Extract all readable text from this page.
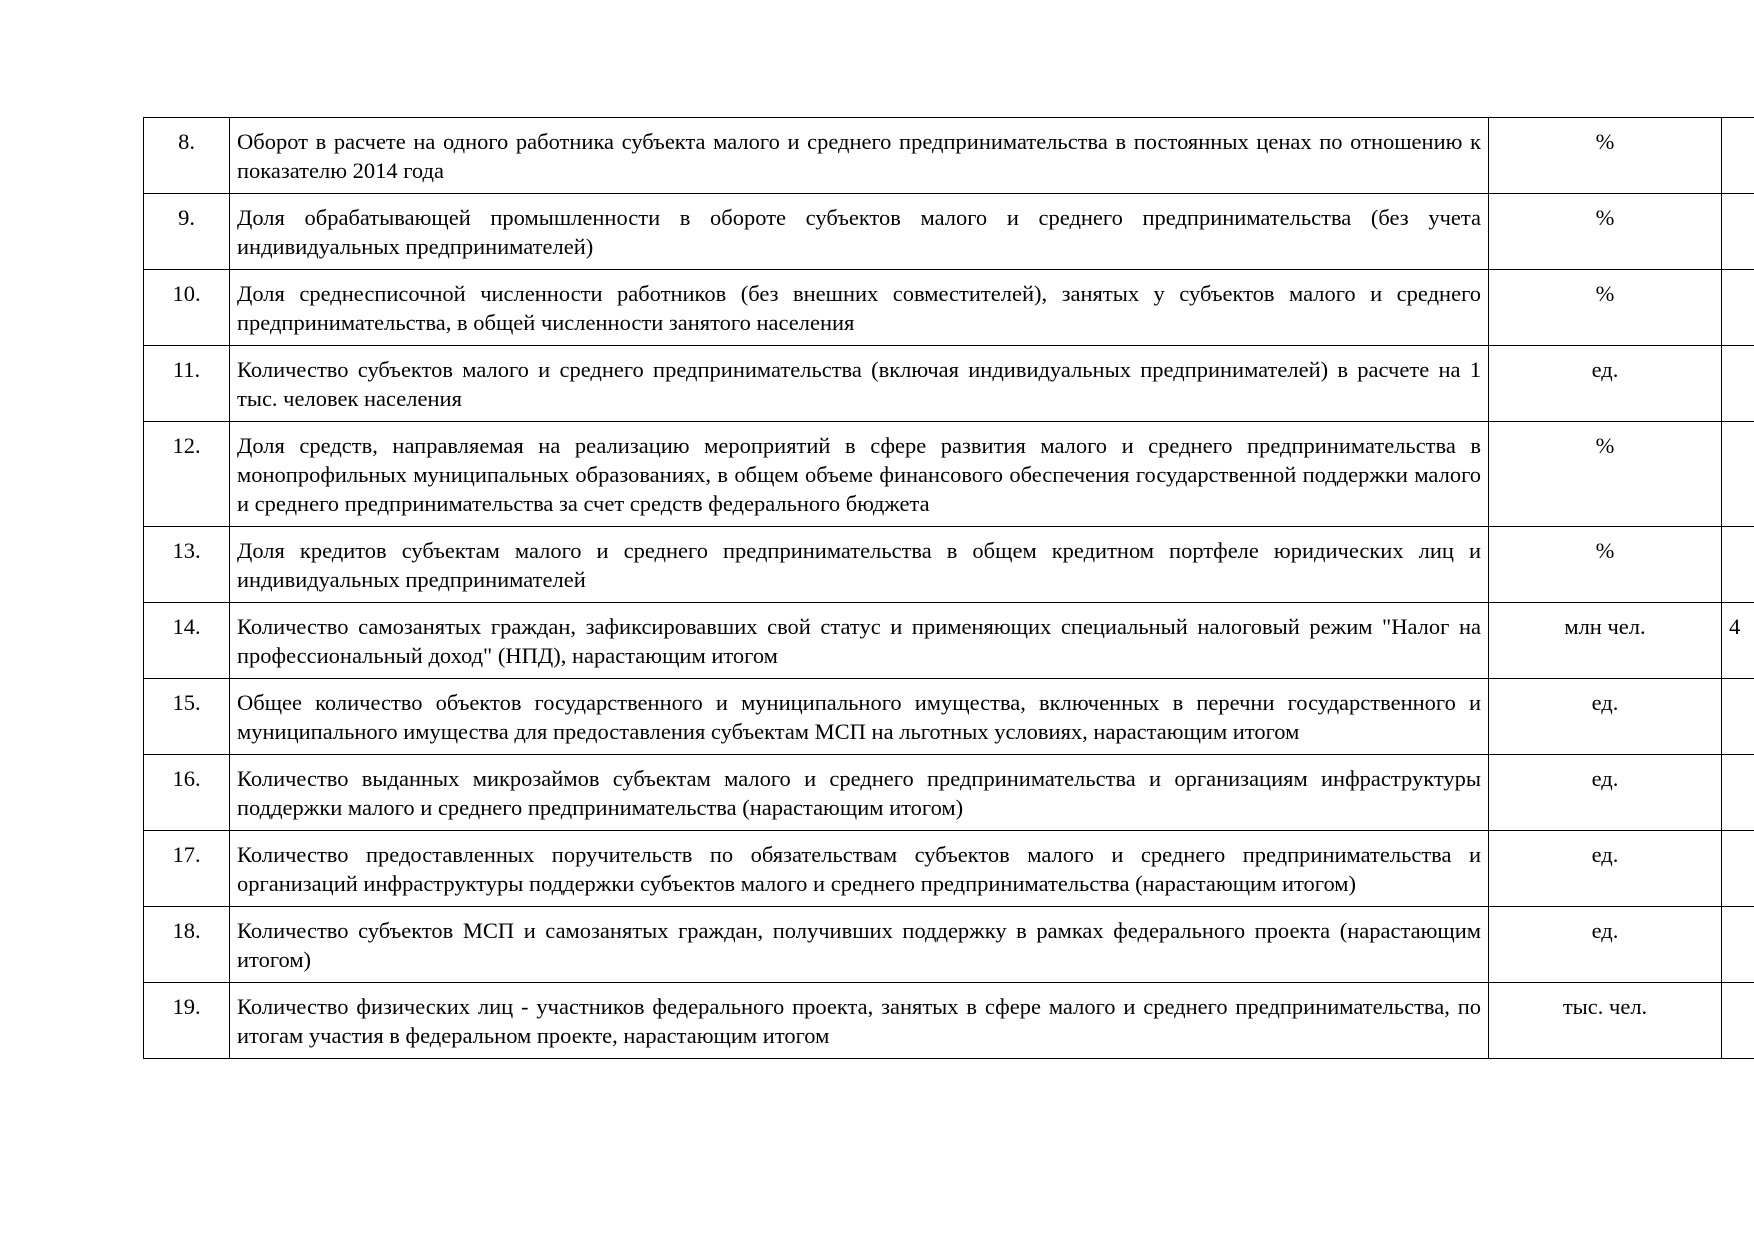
8.	Оборот в расчете на одного работника субъекта малого и среднего предпринимательства в постоянных ценах по отношению к показателю 2014 года	%	
9.	Доля обрабатывающей промышленности в обороте субъектов малого и среднего предпринимательства (без учета индивидуальных предпринимателей)	%	
10.	Доля среднесписочной численности работников (без внешних совместителей), занятых у субъектов малого и среднего предпринимательства, в общей численности занятого населения	%	
11.	Количество субъектов малого и среднего предпринимательства (включая индивидуальных предпринимателей) в расчете на 1 тыс. человек населения	ед.	
12.	Доля средств, направляемая на реализацию мероприятий в сфере развития малого и среднего предпринимательства в монопрофильных муниципальных образованиях, в общем объеме финансового обеспечения государственной поддержки малого и среднего предпринимательства за счет средств федерального бюджета	%	
13.	Доля кредитов субъектам малого и среднего предпринимательства в общем кредитном портфеле юридических лиц и индивидуальных предпринимателей	%	
14.	Количество самозанятых граждан, зафиксировавших свой статус и применяющих специальный налоговый режим "Налог на профессиональный доход" (НПД), нарастающим итогом	млн чел.	4
15.	Общее количество объектов государственного и муниципального имущества, включенных в перечни государственного и муниципального имущества для предоставления субъектам МСП на льготных условиях, нарастающим итогом	ед.	
16.	Количество выданных микрозаймов субъектам малого и среднего предпринимательства и организациям инфраструктуры поддержки малого и среднего предпринимательства (нарастающим итогом)	ед.	
17.	Количество предоставленных поручительств по обязательствам субъектов малого и среднего предпринимательства и организаций инфраструктуры поддержки субъектов малого и среднего предпринимательства (нарастающим итогом)	ед.	
18.	Количество субъектов МСП и самозанятых граждан, получивших поддержку в рамках федерального проекта (нарастающим итогом)	ед.	
19.	Количество физических лиц - участников федерального проекта, занятых в сфере малого и среднего предпринимательства, по итогам участия в федеральном проекте, нарастающим итогом	тыс. чел.	
